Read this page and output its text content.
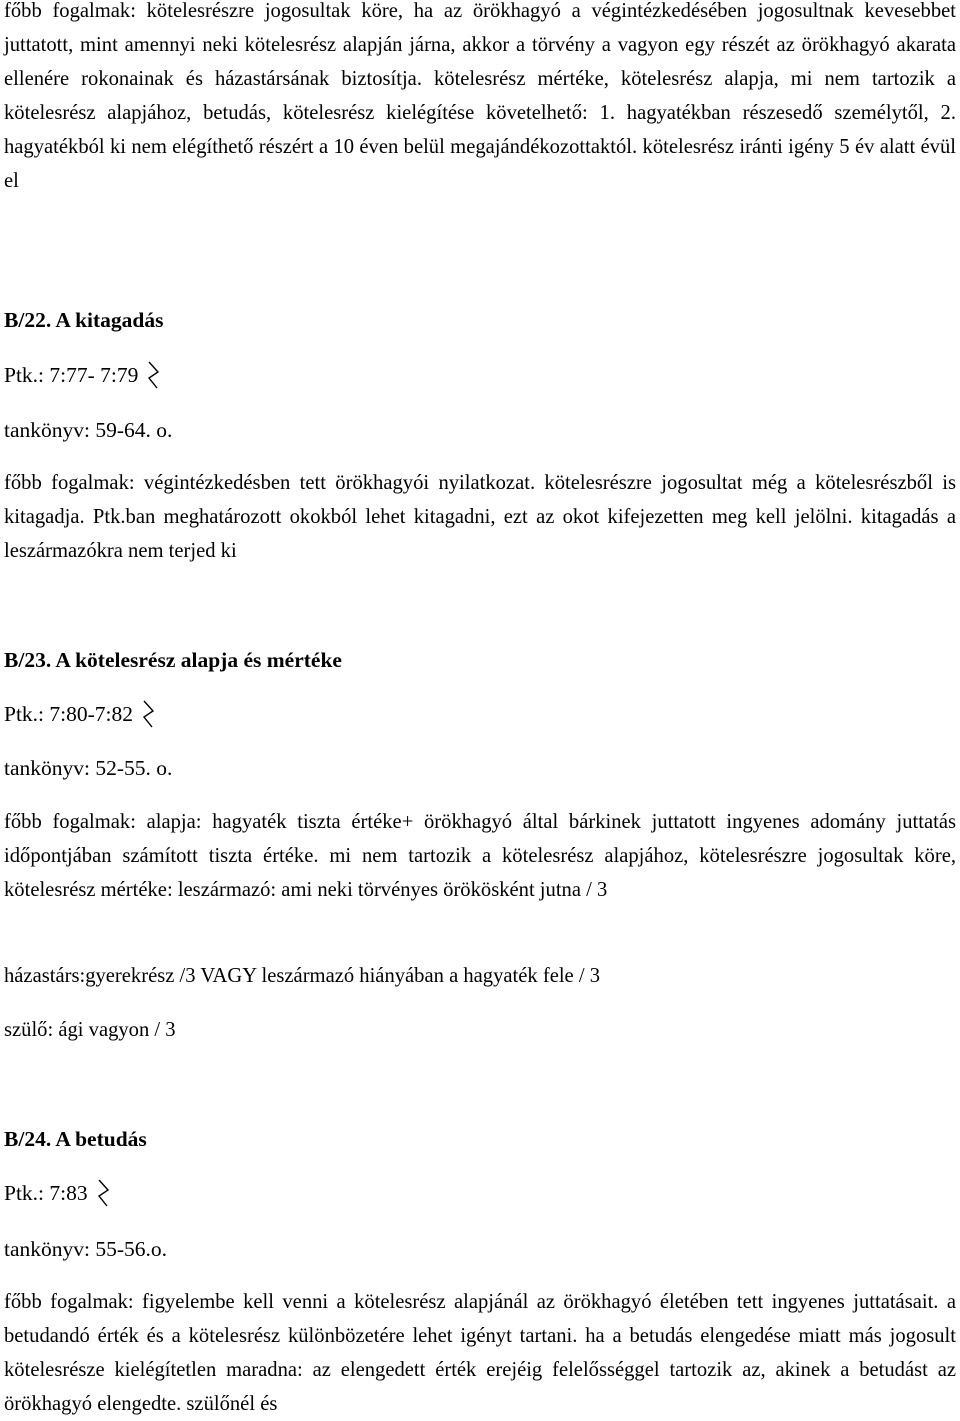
főbb fogalmak: kötelesrészre jogosultak köre, ha az örökhagyó a végintézkedésében jogosultnak kevesebbet juttatott, mint amennyi neki kötelesrész alapján járna, akkor a törvény a vagyon egy részét az örökhagyó akarata ellenére rokonainak és házastársának biztosítja. kötelesrész mértéke, kötelesrész alapja, mi nem tartozik a kötelesrész alapjához, betudás, kötelesrész kielégítése követelhető: 1. hagyatékban részesedő személytől, 2. hagyatékból ki nem elégíthető részért a 10 éven belül megajándékozottaktól. kötelesrész iránti igény 5 év alatt évül el

B/22. A kitagadás

Ptk.: 7:77- 7:79

tankönyv: 59-64. o.

főbb fogalmak: végintézkedésben tett örökhagyói nyilatkozat. kötelesrészre jogosultat még a kötelesrészből is kitagadja. Ptk.ban meghatározott okokból lehet kitagadni, ezt az okot kifejezetten meg kell jelölni. kitagadás a leszármazókra nem terjed ki

B/23. A kötelesrész alapja és mértéke

Ptk.: 7:80-7:82

tankönyv: 52-55. o.

főbb fogalmak: alapja: hagyaték tiszta értéke+ örökhagyó által bárkinek juttatott ingyenes adomány juttatás időpontjában számított tiszta értéke. mi nem tartozik a kötelesrész alapjához, kötelesrészre jogosultak köre, kötelesrész mértéke: leszármazó: ami neki törvényes örökösként jutna / 3

házastárs:gyerekrész /3 VAGY leszármazó hiányában a hagyaték fele / 3

szülő: ági vagyon / 3

B/24. A betudás

Ptk.: 7:83

tankönyv: 55-56.o.

főbb fogalmak: figyelembe kell venni a kötelesrész alapjánál az örökhagyó életében tett ingyenes juttatásait. a betudandó érték és a kötelesrész különbözetére lehet igényt tartani. ha a betudás elengedése miatt más jogosult kötelesrésze kielégítetlen maradna: az elengedett érték erejéig felelősséggel tartozik az, akinek a betudást az örökhagyó elengedte. szülőnél és
